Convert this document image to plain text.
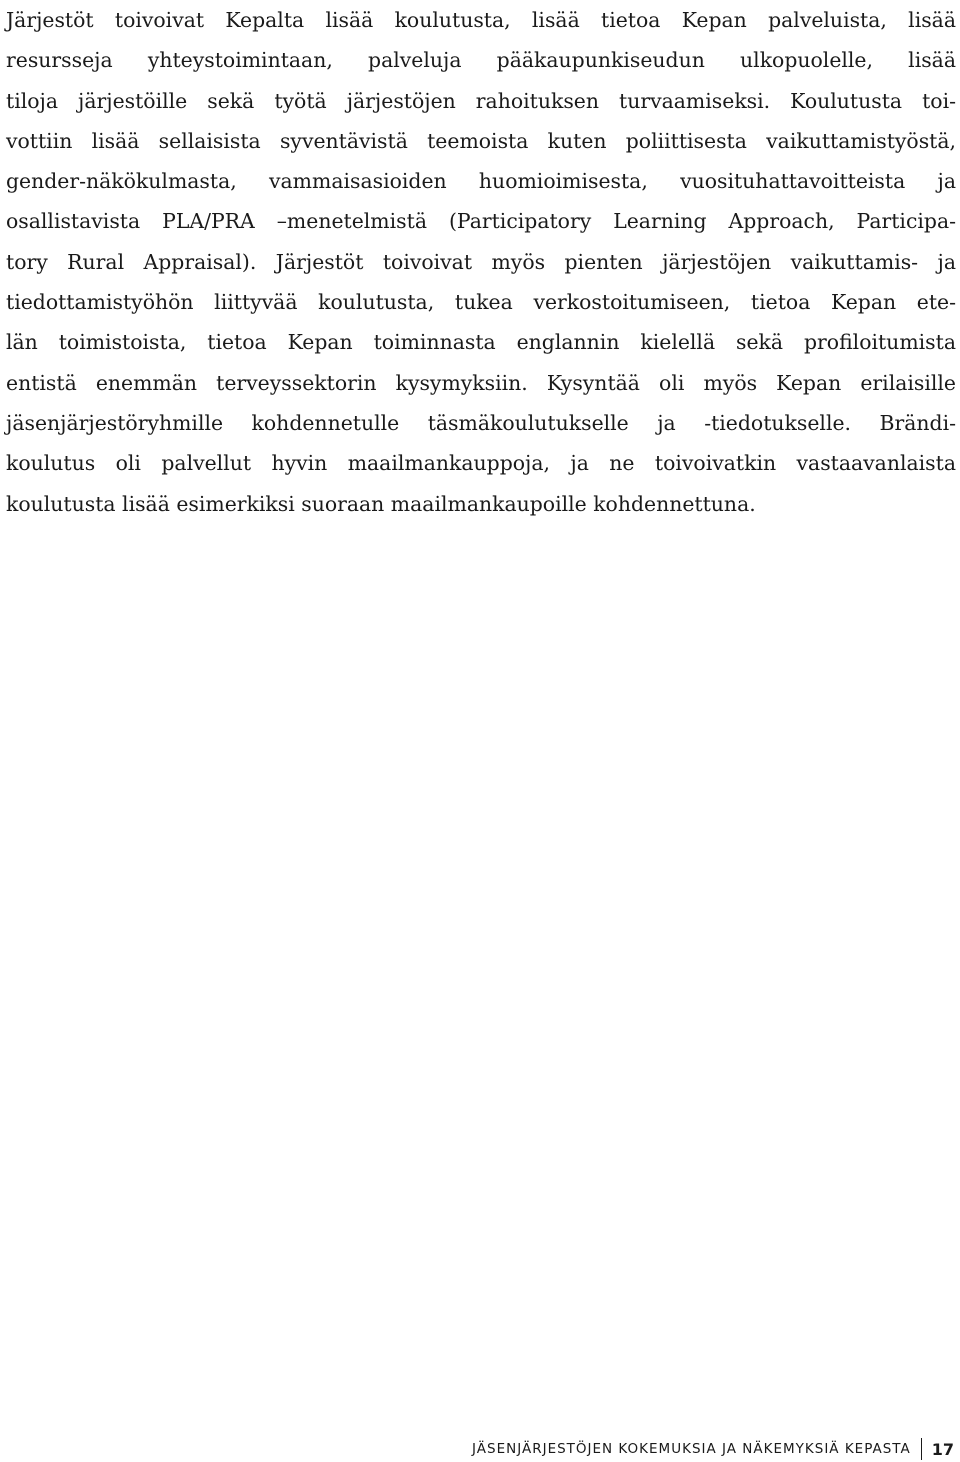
Järjestöt toivoivat Kepalta lisää koulutusta, lisää tietoa Kepan palveluista, lisää
resursseja yhteystoimintaan, palveluja pääkaupunkiseudun ulkopuolelle, lisää
tiloja järjestöille sekä työtä järjestöjen rahoituksen turvaamiseksi. Koulutusta toi-
vottiin lisää sellaisista syventävistä teemoista kuten poliittisesta vaikuttamistyöstä,
gender-näkökulmasta, vammaisasioiden huomioimisesta, vuosituhattavoitteista ja
osallistavista PLA/PRA –menetelmistä (Participatory Learning Approach, Participa-
tory Rural Appraisal). Järjestöt toivoivat myös pienten järjestöjen vaikuttamis- ja
tiedottamistyöhön liittyvää koulutusta, tukea verkostoitumiseen, tietoa Kepan ete-
län toimistoista, tietoa Kepan toiminnasta englannin kielellä sekä profiloitumista
entistä enemmän terveyssektorin kysymyksiin. Kysyntää oli myös Kepan erilaisille
jäsenjärjestöryhmille kohdennetulle täsmäkoulutukselle ja -tiedotukselle. Brändi-
koulutus oli palvellut hyvin maailmankauppoja, ja ne toivoivatkin vastaavanlaista
koulutusta lisää esimerkiksi suoraan maailmankaupoille kohdennettuna.
JÄSENJÄRJESTÖJEN KOKEMUKSIA JA NÄKEMYKSIÄ KEPASTA 17
